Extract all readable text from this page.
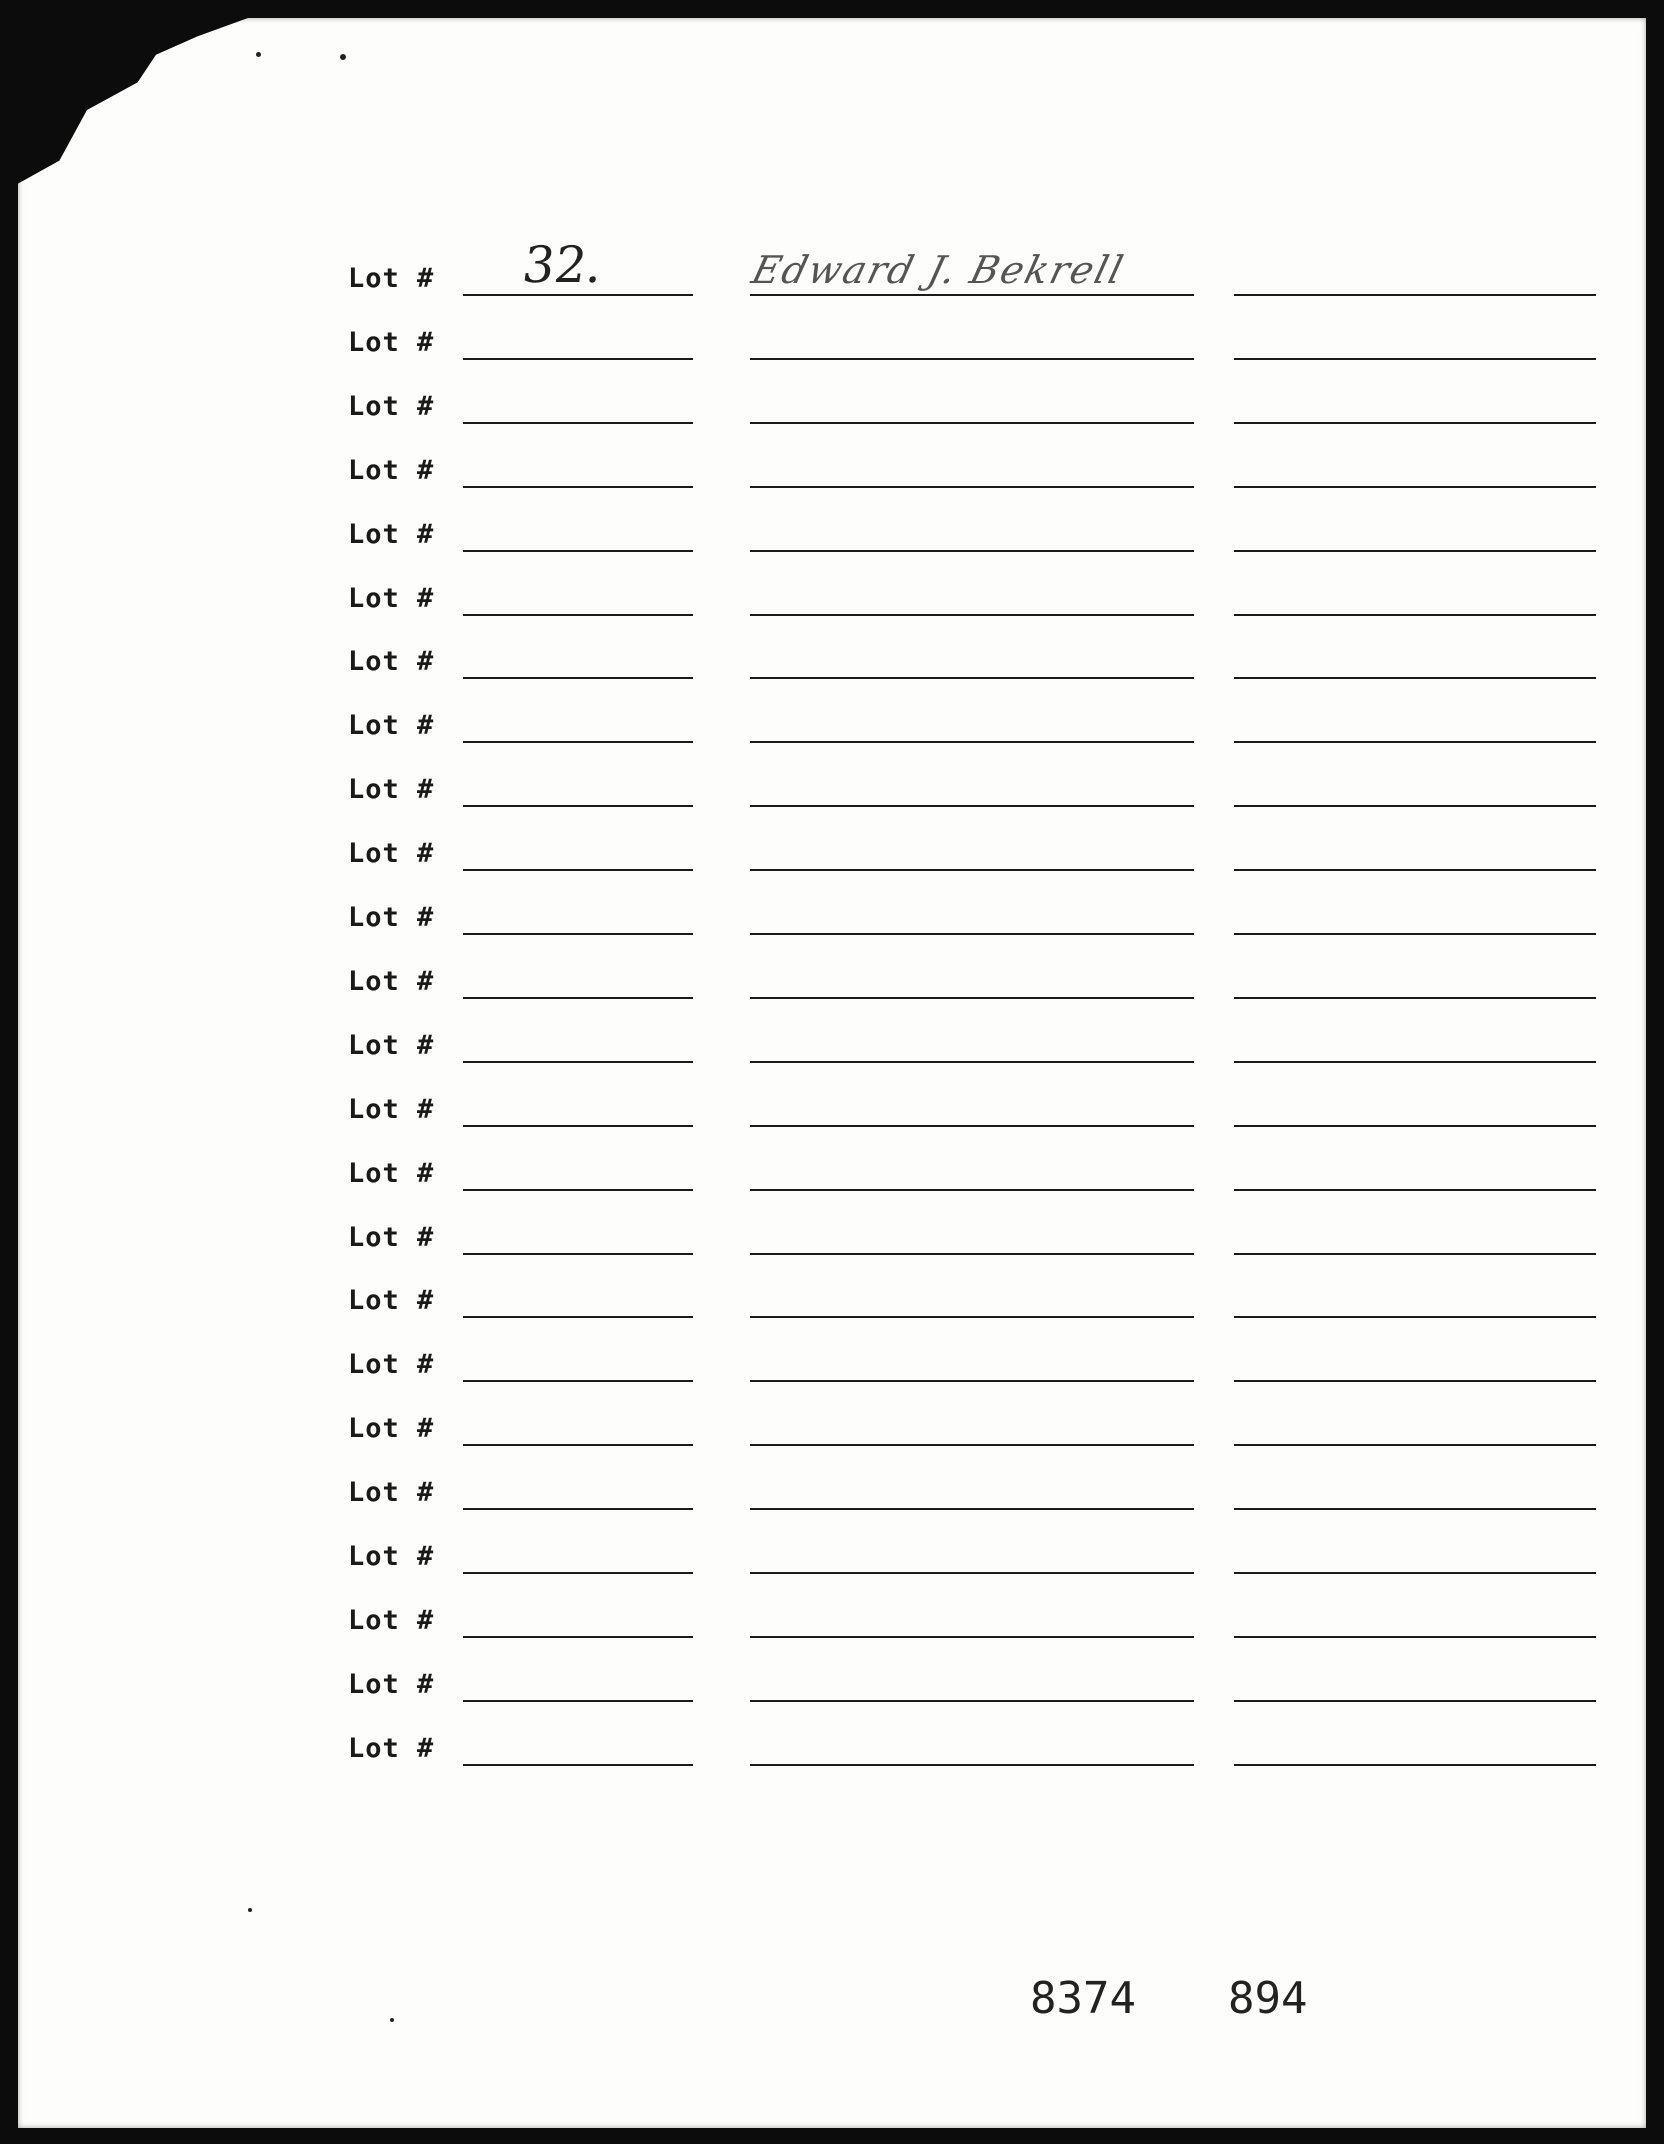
Lot # 32.	Edward J. Bekrell
Lot #
Lot #
Lot #
Lot #
Lot #
Lot #
Lot #
Lot #
Lot #
Lot #
Lot #
Lot #
Lot #
Lot #
Lot #
Lot #
Lot #
Lot #
Lot #
Lot #
Lot #
Lot #
Lot #
8374 894
